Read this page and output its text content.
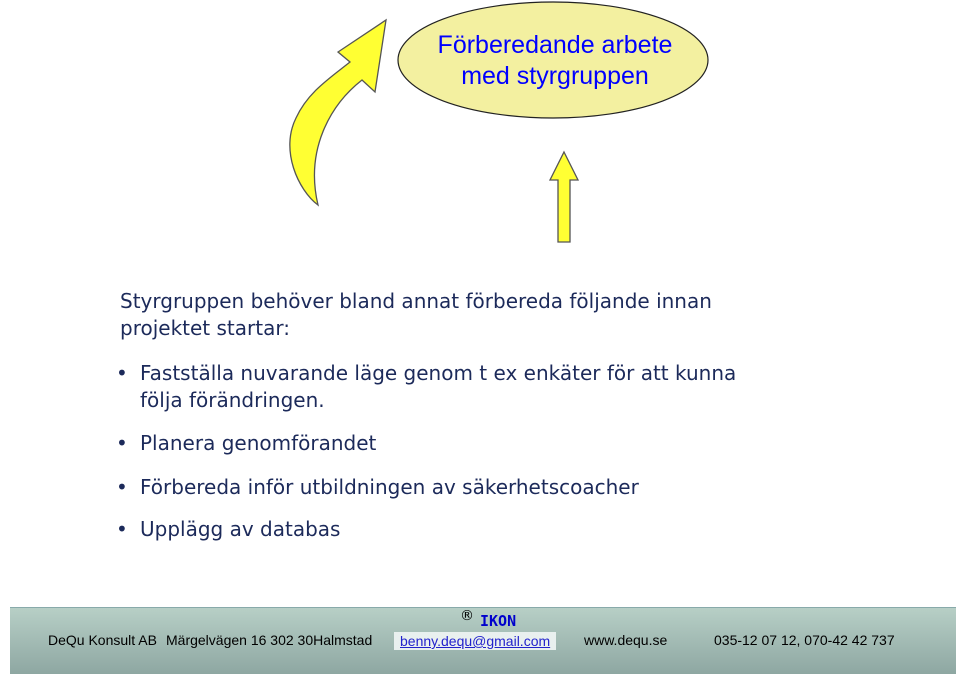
Förberedande arbete
med styrgruppen
Styrgruppen behöver bland annat förbereda följande innan
projektet startar:
• Fastställa nuvarande läge genom t ex enkäter för att kunna
följa förändringen.
• Planera genomförandet
• Förbereda inför utbildningen av säkerhetscoacher
• Upplägg av databas
® IKON
DeQu Konsult AB Märgelvägen 16 302 30Halmstad	benny.dequ@gmail.com	www.dequ.se	035-12 07 12, 070-42 42 737
